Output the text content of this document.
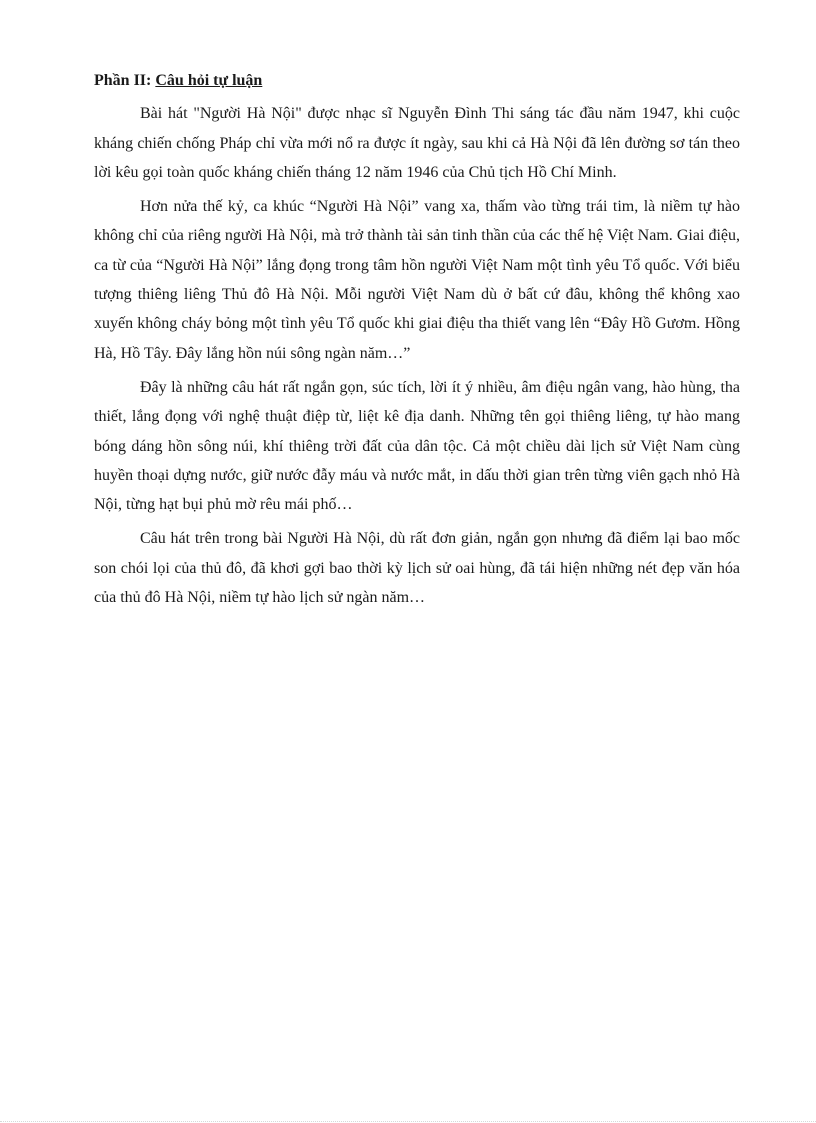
Phần II: Câu hỏi tự luận

Bài hát "Người Hà Nội" được nhạc sĩ Nguyễn Đình Thi sáng tác đầu năm 1947, khi cuộc kháng chiến chống Pháp chỉ vừa mới nổ ra được ít ngày, sau khi cả Hà Nội đã lên đường sơ tán theo lời kêu gọi toàn quốc kháng chiến tháng 12 năm 1946 của Chủ tịch Hồ Chí Minh.

Hơn nửa thế kỷ, ca khúc “Người Hà Nội” vang xa, thấm vào từng trái tim, là niềm tự hào không chỉ của riêng người Hà Nội, mà trở thành tài sản tinh thần của các thế hệ Việt Nam. Giai điệu, ca từ của “Người Hà Nội” lắng đọng trong tâm hồn người Việt Nam một tình yêu Tổ quốc. Với biểu tượng thiêng liêng Thủ đô Hà Nội. Mỗi người Việt Nam dù ở bất cứ đâu, không thể không xao xuyến không cháy bỏng một tình yêu Tổ quốc khi giai điệu tha thiết vang lên “Đây Hồ Gươm. Hồng Hà, Hồ Tây. Đây lắng hồn núi sông ngàn năm…”

Đây là những câu hát rất ngắn gọn, súc tích, lời ít ý nhiều, âm điệu ngân vang, hào hùng, tha thiết, lắng đọng với nghệ thuật điệp từ, liệt kê địa danh. Những tên gọi thiêng liêng, tự hào mang bóng dáng hồn sông núi, khí thiêng trời đất của dân tộc. Cả một chiều dài lịch sử Việt Nam cùng huyền thoại dựng nước, giữ nước đẫy máu và nước mắt, in dấu thời gian trên từng viên gạch nhỏ Hà Nội, từng hạt bụi phủ mờ rêu mái phố…

Câu hát trên trong bài Người Hà Nội, dù rất đơn giản, ngắn gọn nhưng đã điểm lại bao mốc son chói lọi của thủ đô, đã khơi gợi bao thời kỳ lịch sử oai hùng, đã tái hiện những nét đẹp văn hóa của thủ đô Hà Nội, niềm tự hào lịch sử ngàn năm…
